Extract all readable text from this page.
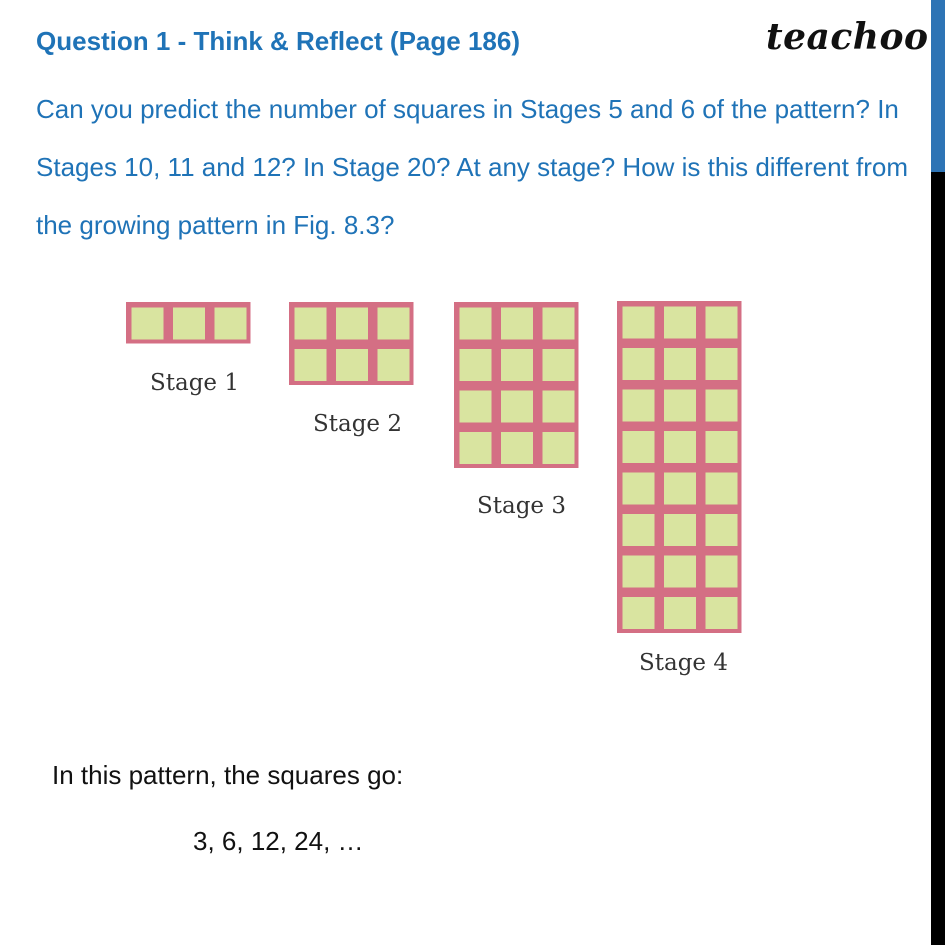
Question 1 - Think & Reflect (Page 186)	teachoo
Can you predict the number of squares in Stages 5 and 6 of the pattern? In Stages 10, 11 and 12? In Stage 20? At any stage? How is this different from the growing pattern in Fig. 8.3?
Stage 1
Stage 2
Stage 3
Stage 4
In this pattern, the squares go:
3, 6, 12, 24, …
